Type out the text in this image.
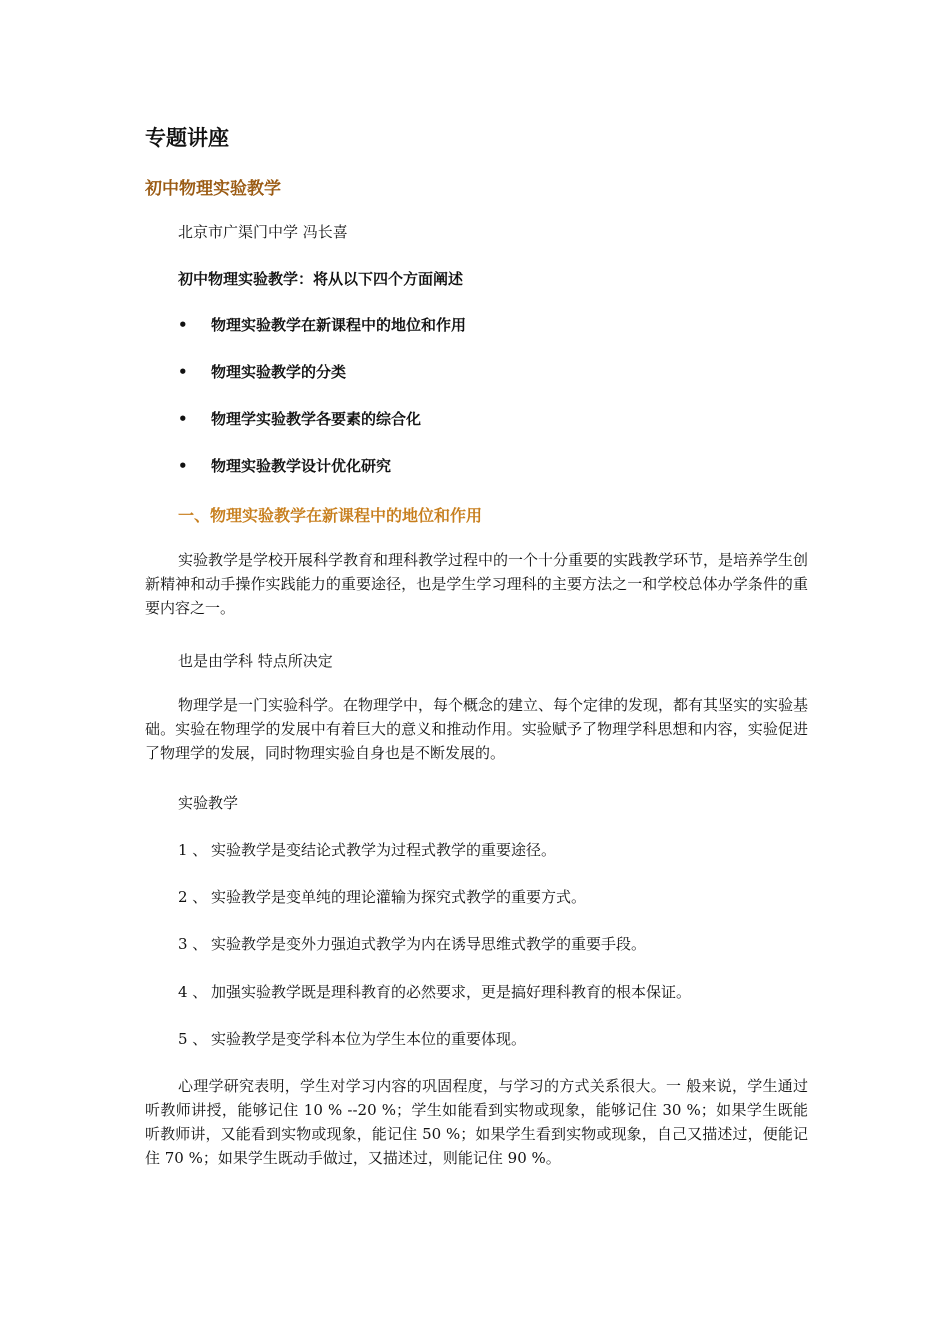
专题讲座
初中物理实验教学

北京市广渠门中学 冯长喜

初中物理实验教学：将从以下四个方面阐述

• 物理实验教学在新课程中的地位和作用
• 物理实验教学的分类
• 物理学实验教学各要素的综合化
• 物理实验教学设计优化研究
一、物理实验教学在新课程中的地位和作用

实验教学是学校开展科学教育和理科教学过程中的一个十分重要的实践教学环节，是培养学生创新精神和动手操作实践能力的重要途径，也是学生学习理科的主要方法之一和学校总体办学条件的重要内容之一。

也是由学科 特点所决定

物理学是一门实验科学。在物理学中，每个概念的建立、每个定律的发现，都有其坚实的实验基础。实验在物理学的发展中有着巨大的意义和推动作用。实验赋予了物理学科思想和内容，实验促进了物理学的发展，同时物理实验自身也是不断发展的。

实验教学

1 、 实验教学是变结论式教学为过程式教学的重要途径。

2 、 实验教学是变单纯的理论灌输为探究式教学的重要方式。

3 、 实验教学是变外力强迫式教学为内在诱导思维式教学的重要手段。

4 、 加强实验教学既是理科教育的必然要求，更是搞好理科教育的根本保证。

5 、 实验教学是变学科本位为学生本位的重要体现。

心理学研究表明，学生对学习内容的巩固程度，与学习的方式关系很大。一 般来说，学生通过听教师讲授，能够记住 10 % --20 %；学生如能看到实物或现象，能够记住 30 %；如果学生既能听教师讲，又能看到实物或现象，能记住 50 %；如果学生看到实物或现象，自己又描述过，便能记住 70 %；如果学生既动手做过，又描述过，则能记住 90 %。
